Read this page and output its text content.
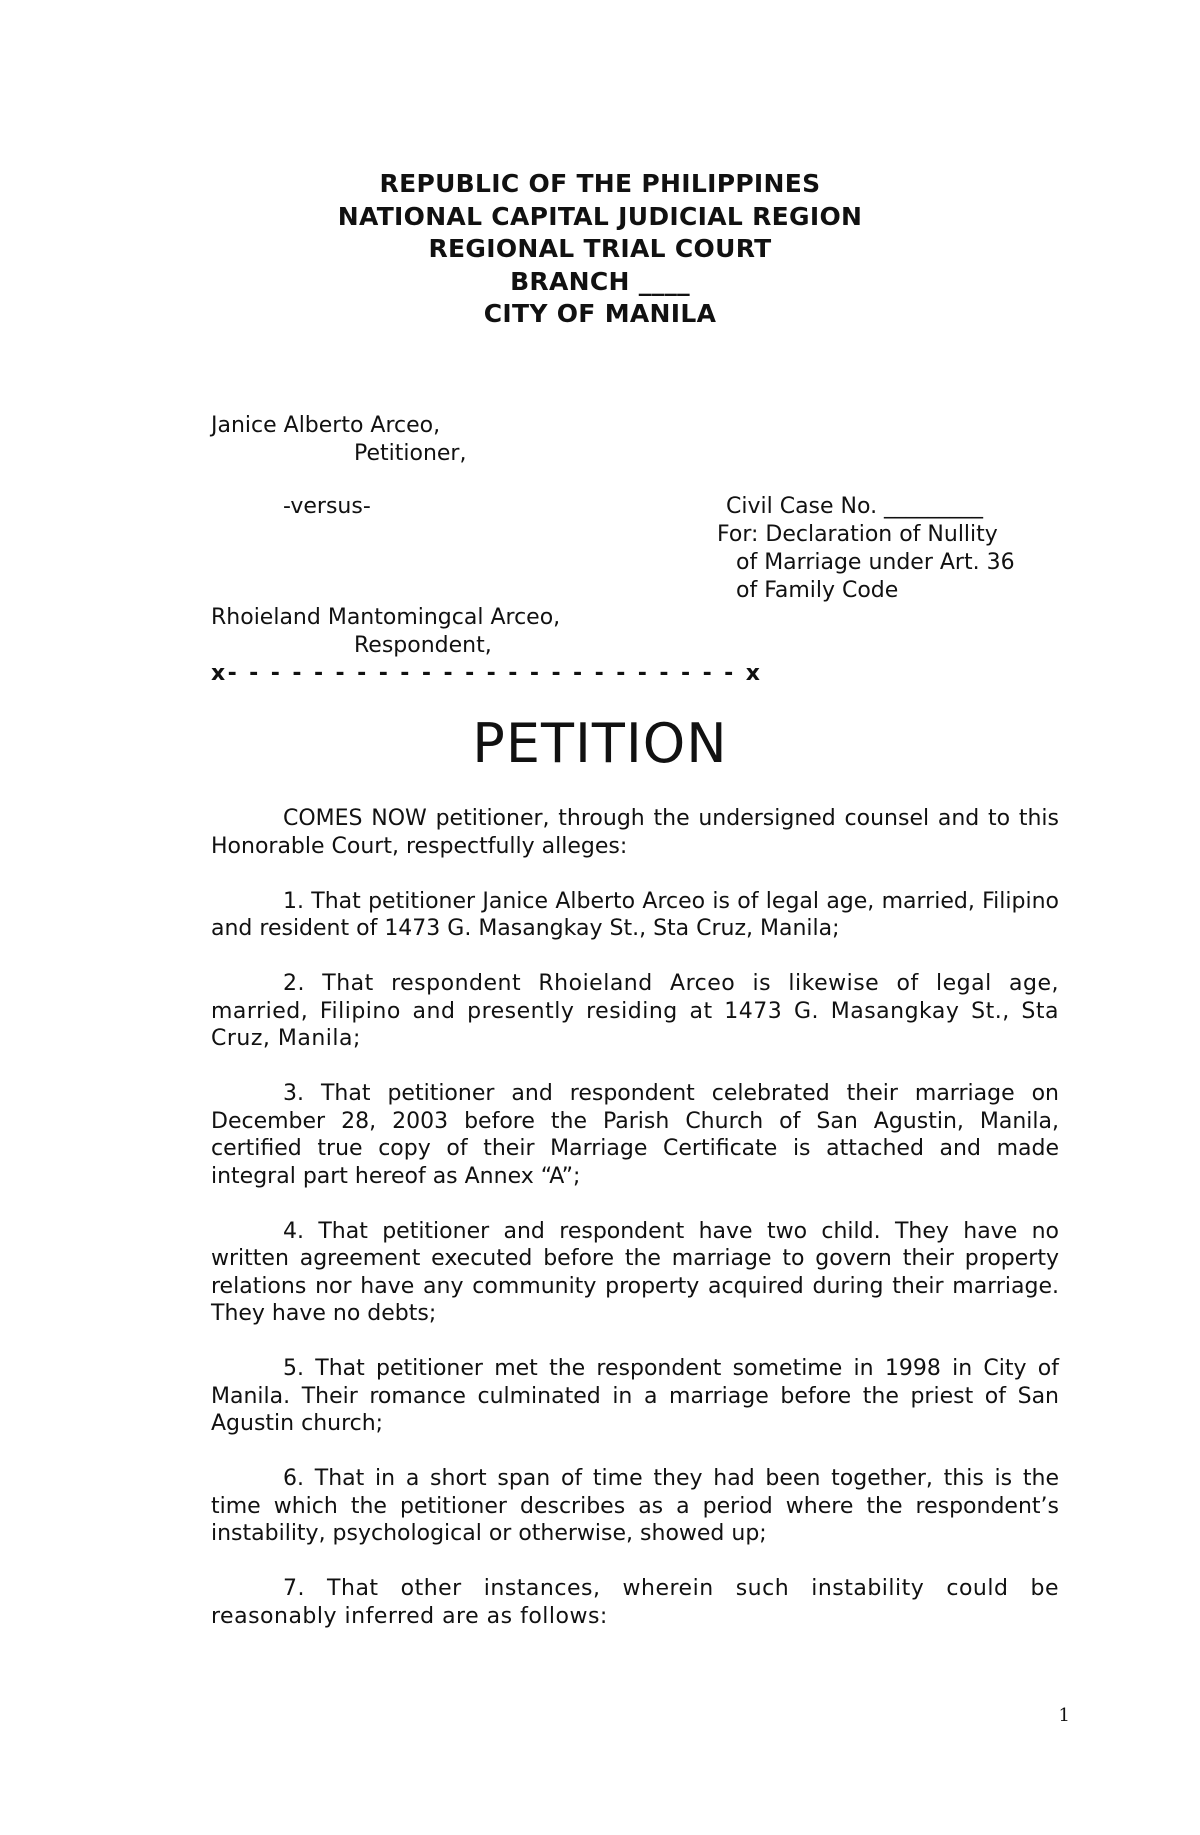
REPUBLIC OF THE PHILIPPINES
NATIONAL CAPITAL JUDICIAL REGION
REGIONAL TRIAL COURT
BRANCH ____
CITY OF MANILA
Janice Alberto Arceo,
Petitioner,
-versus-	Civil Case No. _________
For: Declaration of Nullity
of Marriage under Art. 36
of Family Code
Rhoieland Mantomingcal Arceo,
Respondent,
x- - - - - - - - - - - - - - - - - - - - - - - - x
PETITION

COMES NOW petitioner, through the undersigned counsel and to this Honorable Court, respectfully alleges:

1. That petitioner Janice Alberto Arceo is of legal age, married, Filipino and resident of 1473 G. Masangkay St., Sta Cruz, Manila;

2. That respondent Rhoieland Arceo is likewise of legal age, married, Filipino and presently residing at 1473 G. Masangkay St., Sta Cruz, Manila;

3. That petitioner and respondent celebrated their marriage on December 28, 2003 before the Parish Church of San Agustin, Manila, certified true copy of their Marriage Certificate is attached and made integral part hereof as Annex “A”;

4. That petitioner and respondent have two child. They have no written agreement executed before the marriage to govern their property relations nor have any community property acquired during their marriage. They have no debts;

5. That petitioner met the respondent sometime in 1998 in City of Manila. Their romance culminated in a marriage before the priest of San Agustin church;

6. That in a short span of time they had been together, this is the time which the petitioner describes as a period where the respondent’s instability, psychological or otherwise, showed up;

7. That other instances, wherein such instability could be reasonably inferred are as follows:

1
